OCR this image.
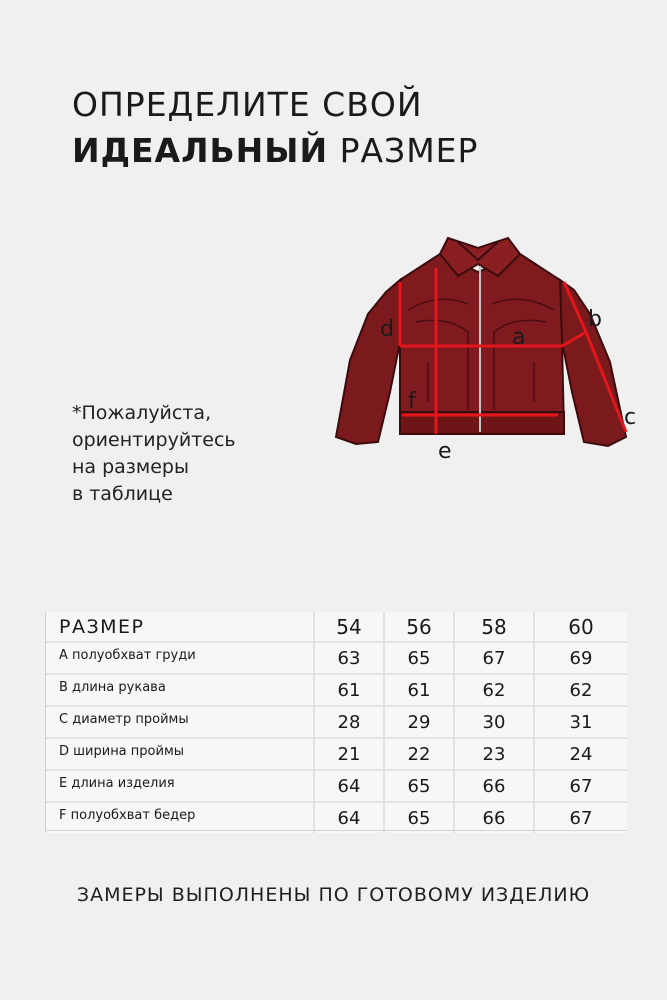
ОПРЕДЕЛИТЕ СВОЙ
ИДЕАЛЬНЫЙ РАЗМЕР
*Пожалуйста,
ориентируйтесь
на размеры
в таблице
d	a
b
c
f
e
РАЗМЕР	54	56	58	60
А полуобхват груди	63	65	67	69
В длина рукава	61	61	62	62
С диаметр проймы	28	29	30	31
D ширина проймы	21	22	23	24
Е длина изделия	64	65	66	67
F полуобхват бедер	64	65	66	67
ЗАМЕРЫ ВЫПОЛНЕНЫ ПО ГОТОВОМУ ИЗДЕЛИЮ
